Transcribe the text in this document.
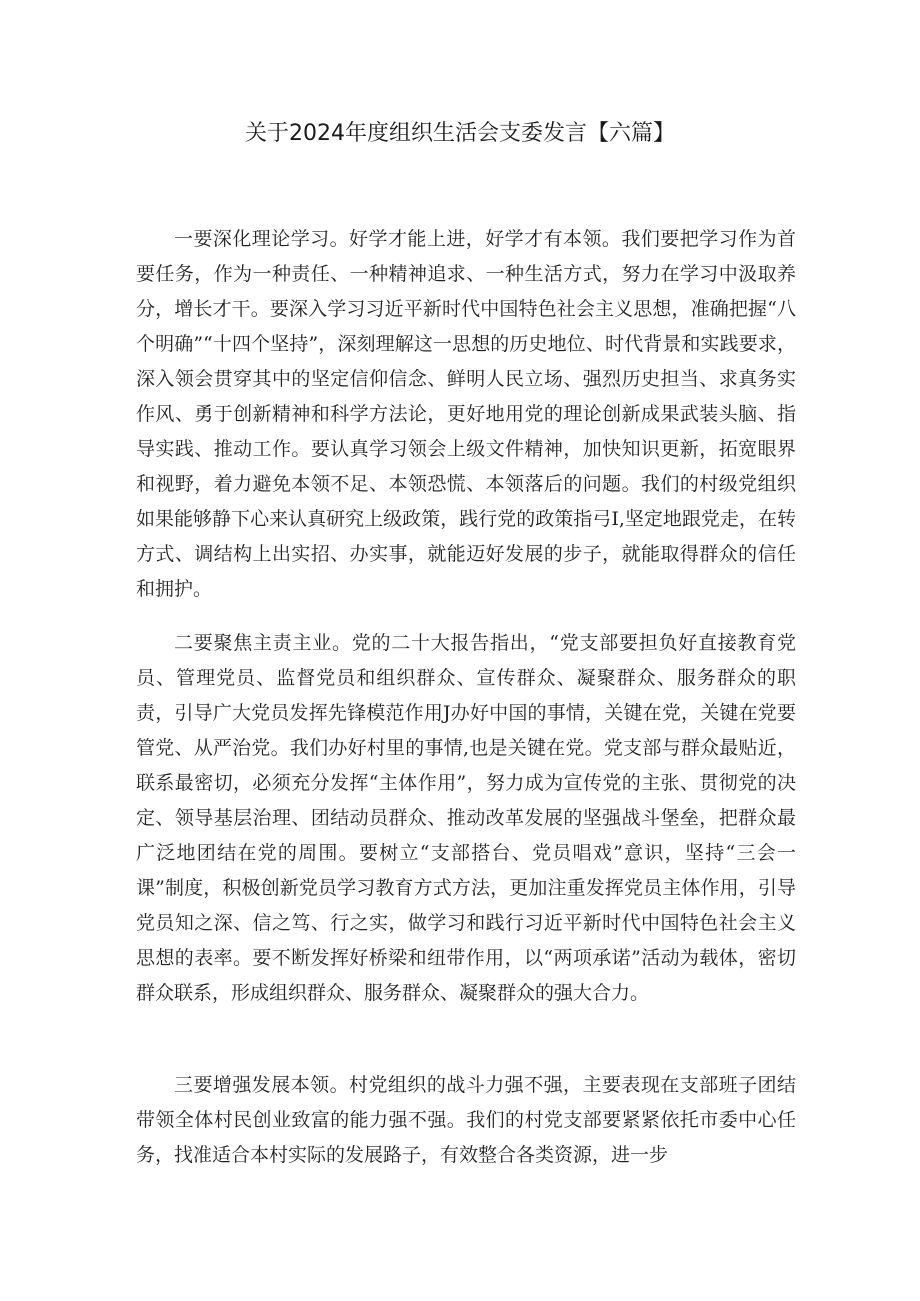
关于2024年度组织生活会支委发言【六篇】

一要深化理论学习。好学才能上进，好学才有本领。我们要把学习作为首要任务，作为一种责任、一种精神追求、一种生活方式，努力在学习中汲取养分，增长才干。要深入学习习近平新时代中国特色社会主义思想，准确把握“八个明确”“十四个坚持”，深刻理解这一思想的历史地位、时代背景和实践要求，深入领会贯穿其中的坚定信仰信念、鲜明人民立场、强烈历史担当、求真务实作风、勇于创新精神和科学方法论，更好地用党的理论创新成果武装头脑、指导实践、推动工作。要认真学习领会上级文件精神，加快知识更新，拓宽眼界和视野，着力避免本领不足、本领恐慌、本领落后的问题。我们的村级党组织如果能够静下心来认真研究上级政策，践行党的政策指弓I,坚定地跟党走，在转方式、调结构上出实招、办实事，就能迈好发展的步子，就能取得群众的信任和拥护。

二要聚焦主责主业。党的二十大报告指出，“党支部要担负好直接教育党员、管理党员、监督党员和组织群众、宣传群众、凝聚群众、服务群众的职责，引导广大党员发挥先锋模范作用J办好中国的事情，关键在党，关键在党要管党、从严治党。我们办好村里的事情,也是关键在党。党支部与群众最贴近，联系最密切，必须充分发挥“主体作用”，努力成为宣传党的主张、贯彻党的决定、领导基层治理、团结动员群众、推动改革发展的坚强战斗堡垒，把群众最广泛地团结在党的周围。要树立“支部搭台、党员唱戏”意识，坚持“三会一课”制度，积极创新党员学习教育方式方法，更加注重发挥党员主体作用，引导党员知之深、信之笃、行之实，做学习和践行习近平新时代中国特色社会主义思想的表率。要不断发挥好桥梁和纽带作用，以“两项承诺”活动为载体，密切群众联系，形成组织群众、服务群众、凝聚群众的强大合力。

三要增强发展本领。村党组织的战斗力强不强，主要表现在支部班子团结带领全体村民创业致富的能力强不强。我们的村党支部要紧紧依托市委中心任务，找准适合本村实际的发展路子，有效整合各类资源，进一步
